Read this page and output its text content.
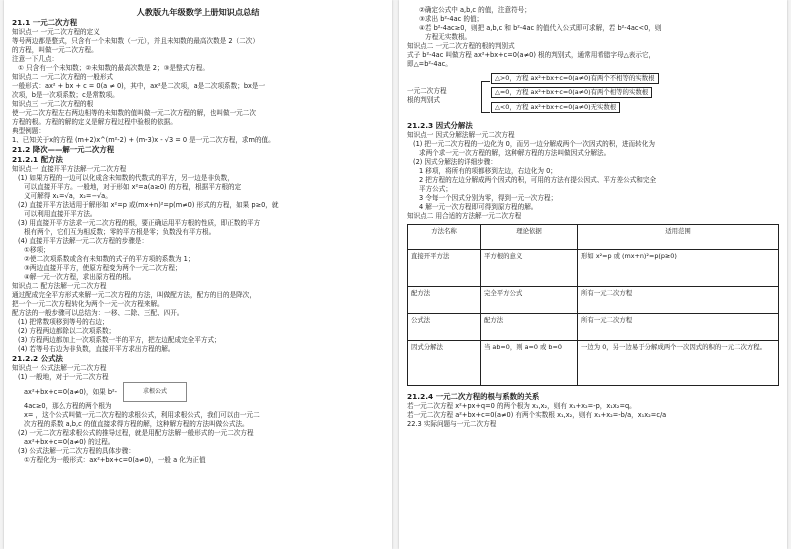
人教版九年级数学上册知识点总结
21.1 一元二次方程
知识点一 一元二次方程的定义
等号两边都是整式，只含有一个未知数（一元），并且未知数的最高次数是 2（二次）
的方程，叫做一元二次方程。
注意一下几点：
① 只含有一个未知数；②未知数的最高次数是 2；③是整式方程。
知识点二 一元二次方程的一般形式
一般形式：ax² + bx + c = 0(a ≠ 0)，其中，ax²是二次项，a是二次项系数；bx是一
次项，b是一次项系数；c是常数项。
知识点三 一元二次方程的根
使一元二次方程左右两边相等的未知数的值叫做一元二次方程的解，也叫做一元二次
方程的根。方程的解的定义是解方程过程中验根的依据。
典型例题：
1、已知关于x的方程 (m+2)x^(m²-2) + (m-3)x - √3 = 0 是一元二次方程，求m的值。
21.2 降次——解一元二次方程
21.2.1 配方法
知识点一 直接开平方法解一元二次方程
(1) 如果方程的一边可以化成含未知数的代数式的平方，另一边是非负数，
可以直接开平方。一般地，对于形如 x²=a(a≥0) 的方程，根据平方根的定
义可解得 x₁=√a，x₂=−√a。
(2) 直接开平方法适用于解形如 x²=p 或(mx+n)²=p(m≠0) 形式的方程，如果 p≥0，就
可以利用直接开平方法。
(3) 用直接开平方法求一元二次方程的根，要正确运用平方根的性质，即正数的平方
根有两个，它们互为相反数；零的平方根是零；负数没有平方根。
(4) 直接开平方法解一元二次方程的步骤是：
①移项；
②使二次项系数或含有未知数的式子的平方项的系数为 1；
③两边直接开平方，使原方程变为两个一元二次方程；
④解一元一次方程，求出原方程的根。
知识点二 配方法解一元二次方程
通过配成完全平方形式来解一元二次方程的方法，叫做配方法，配方的目的是降次，
把一个一元二次方程转化为两个一元一次方程来解。
配方法的一般步骤可以总结为：一移、二除、三配、四开。
(1) 把常数项移到等号的右边；
(2) 方程两边都除以二次项系数；
(3) 方程两边都加上一次项系数一半的平方，把左边配成完全平方式；
(4) 若等号右边为非负数，直接开平方求出方程的解。
21.2.2 公式法
知识点一 公式法解一元二次方程
(1) 一般地，对于一元二次方程
ax²+bx+c=0(a≠0)，如果 b²-	求根公式
4ac≥0，那么方程的两个根为
x= ，这个公式叫做一元二次方程的求根公式，利用求根公式，我们可以由一元二
次方程的系数 a,b,c 的值直接求得方程的解，这种解方程的方法叫做公式法。
(2) 一元二次方程求根公式的推导过程，就是用配方法解一般形式的一元二次方程
ax²+bx+c=0(a≠0) 的过程。
(3) 公式法解一元二次方程的具体步骤：
①方程化为一般形式：ax²+bx+c=0(a≠0)，一般 a 化为正值
②确定公式中 a,b,c 的值，注意符号；
③求出 b²-4ac 的值；
④若 b²-4ac≥0，则把 a,b,c 和 b²-4ac 的值代入公式即可求解，若 b²-4ac<0，则
方程无实数根。
知识点二 一元二次方程的根的判别式
式子 b²-4ac 叫做方程 ax²+bx+c=0(a≠0) 根的判别式，通常用希腊字母△表示它，
即△=b²-4ac。
一元二次方程
根的判别式
△>0，方程 ax²+bx+c=0(a≠0)有两个不相等的实数根
△=0，方程 ax²+bx+c=0(a≠0)有两个相等的实数根
△<0，方程 ax²+bx+c=0(a≠0)无实数根
21.2.3 因式分解法
知识点一 因式分解法解一元二次方程
(1) 把一元二次方程的一边化为 0，而另一边分解成两个一次因式的积，进而转化为
求两个求一元一次方程的解，这种解方程的方法叫做因式分解法。
(2) 因式分解法的详细步骤：
1 移项，将所有的项都移到左边，右边化为 0；
2 把方程的左边分解成两个因式的积，可用的方法有提公因式、平方差公式和完全
平方公式；
3 令每一个因式分别为零，得到一元一次方程；
4 解一元一次方程即可得到原方程的解。
知识点二 用合适的方法解一元二次方程
方法名称	理论依据	适用范围
直接开平方法	平方根的意义	形如 x²=p 或 (mx+n)²=p(p≥0)
配方法	完全平方公式	所有一元二次方程
公式法	配方法	所有一元二次方程
因式分解法	当 ab=0，则 a=0 或 b=0	一边为 0，另一边易于分解成两个一次因式的积的一元二次方程。
21.2.4 一元二次方程的根与系数的关系
若一元二次方程 x²+px+q=0 的两个根为 x₁,x₂，则有 x₁+x₂=-p，x₁x₂=q。
若一元二次方程 a²+bx+c=0(a≠0) 有两个实数根 x₁,x₂，则有 x₁+x₂=-b/a，x₁x₂=c/a
22.3 实际问题与一元二次方程
